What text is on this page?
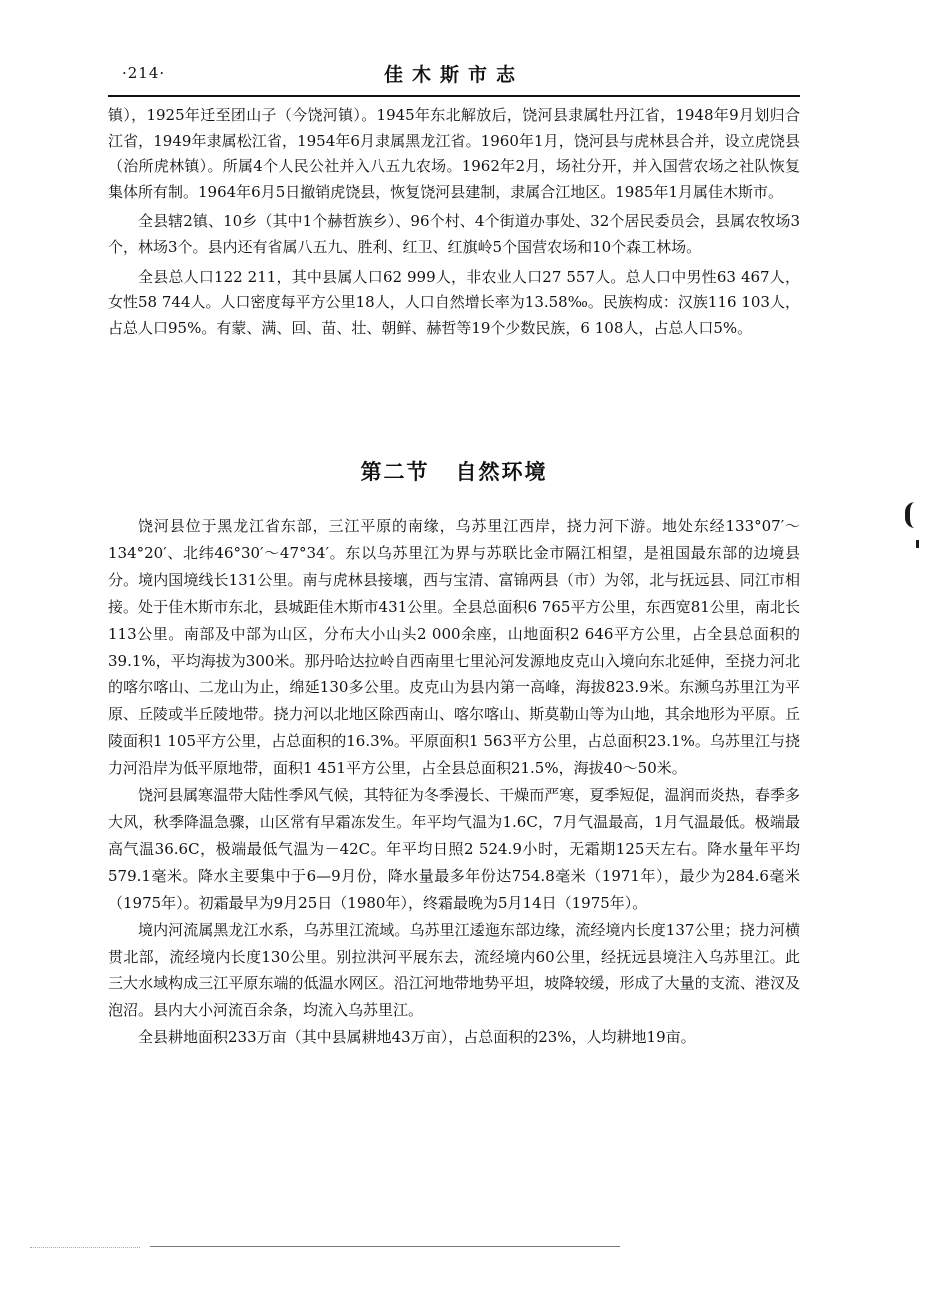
·214·	佳木斯市志

镇），1925年迁至团山子（今饶河镇）。1945年东北解放后，饶河县隶属牡丹江省，1948年9月划归合江省，1949年隶属松江省，1954年6月隶属黑龙江省。1960年1月，饶河县与虎林县合并，设立虎饶县（治所虎林镇）。所属4个人民公社并入八五九农场。1962年2月，场社分开，并入国营农场之社队恢复集体所有制。1964年6月5日撤销虎饶县，恢复饶河县建制，隶属合江地区。1985年1月属佳木斯市。

全县辖2镇、10乡（其中1个赫哲族乡）、96个村、4个街道办事处、32个居民委员会，县属农牧场3个，林场3个。县内还有省属八五九、胜利、红卫、红旗岭5个国营农场和10个森工林场。

全县总人口122 211，其中县属人口62 999人，非农业人口27 557人。总人口中男性63 467人，女性58 744人。人口密度每平方公里18人，人口自然增长率为13.58‰。民族构成：汉族116 103人，占总人口95%。有蒙、满、回、苗、壮、朝鲜、赫哲等19个少数民族，6 108人，占总人口5%。

第二节 自然环境

饶河县位于黑龙江省东部，三江平原的南缘，乌苏里江西岸，挠力河下游。地处东经133°07′～134°20′、北纬46°30′～47°34′。东以乌苏里江为界与苏联比金市隔江相望，是祖国最东部的边境县分。境内国境线长131公里。南与虎林县接壤，西与宝清、富锦两县（市）为邻，北与抚远县、同江市相接。处于佳木斯市东北，县城距佳木斯市431公里。全县总面积6 765平方公里，东西宽81公里，南北长113公里。南部及中部为山区，分布大小山头2 000余座，山地面积2 646平方公里，占全县总面积的39.1%，平均海拔为300米。那丹哈达拉岭自西南里七里沁河发源地皮克山入境向东北延伸，至挠力河北的喀尔喀山、二龙山为止，绵延130多公里。皮克山为县内第一高峰，海拔823.9米。东濒乌苏里江为平原、丘陵或半丘陵地带。挠力河以北地区除西南山、喀尔喀山、斯莫勒山等为山地，其余地形为平原。丘陵面积1 105平方公里，占总面积的16.3%。平原面积1 563平方公里，占总面积23.1%。乌苏里江与挠力河沿岸为低平原地带，面积1 451平方公里，占全县总面积21.5%，海拔40～50米。

饶河县属寒温带大陆性季风气候，其特征为冬季漫长、干燥而严寒，夏季短促，温润而炎热，春季多大风，秋季降温急骤，山区常有早霜冻发生。年平均气温为1.6C，7月气温最高，1月气温最低。极端最高气温36.6C，极端最低气温为－42C。年平均日照2 524.9小时，无霜期125天左右。降水量年平均579.1毫米。降水主要集中于6—9月份，降水量最多年份达754.8毫米（1971年），最少为284.6毫米（1975年）。初霜最早为9月25日（1980年），终霜最晚为5月14日（1975年）。

境内河流属黑龙江水系，乌苏里江流域。乌苏里江逶迤东部边缘，流经境内长度137公里；挠力河横贯北部，流经境内长度130公里。别拉洪河平展东去，流经境内60公里，经抚远县境注入乌苏里江。此三大水域构成三江平原东端的低温水网区。沿江河地带地势平坦，坡降较缓，形成了大量的支流、港汊及泡沼。县内大小河流百余条，均流入乌苏里江。

全县耕地面积233万亩（其中县属耕地43万亩），占总面积的23%，人均耕地19亩。
